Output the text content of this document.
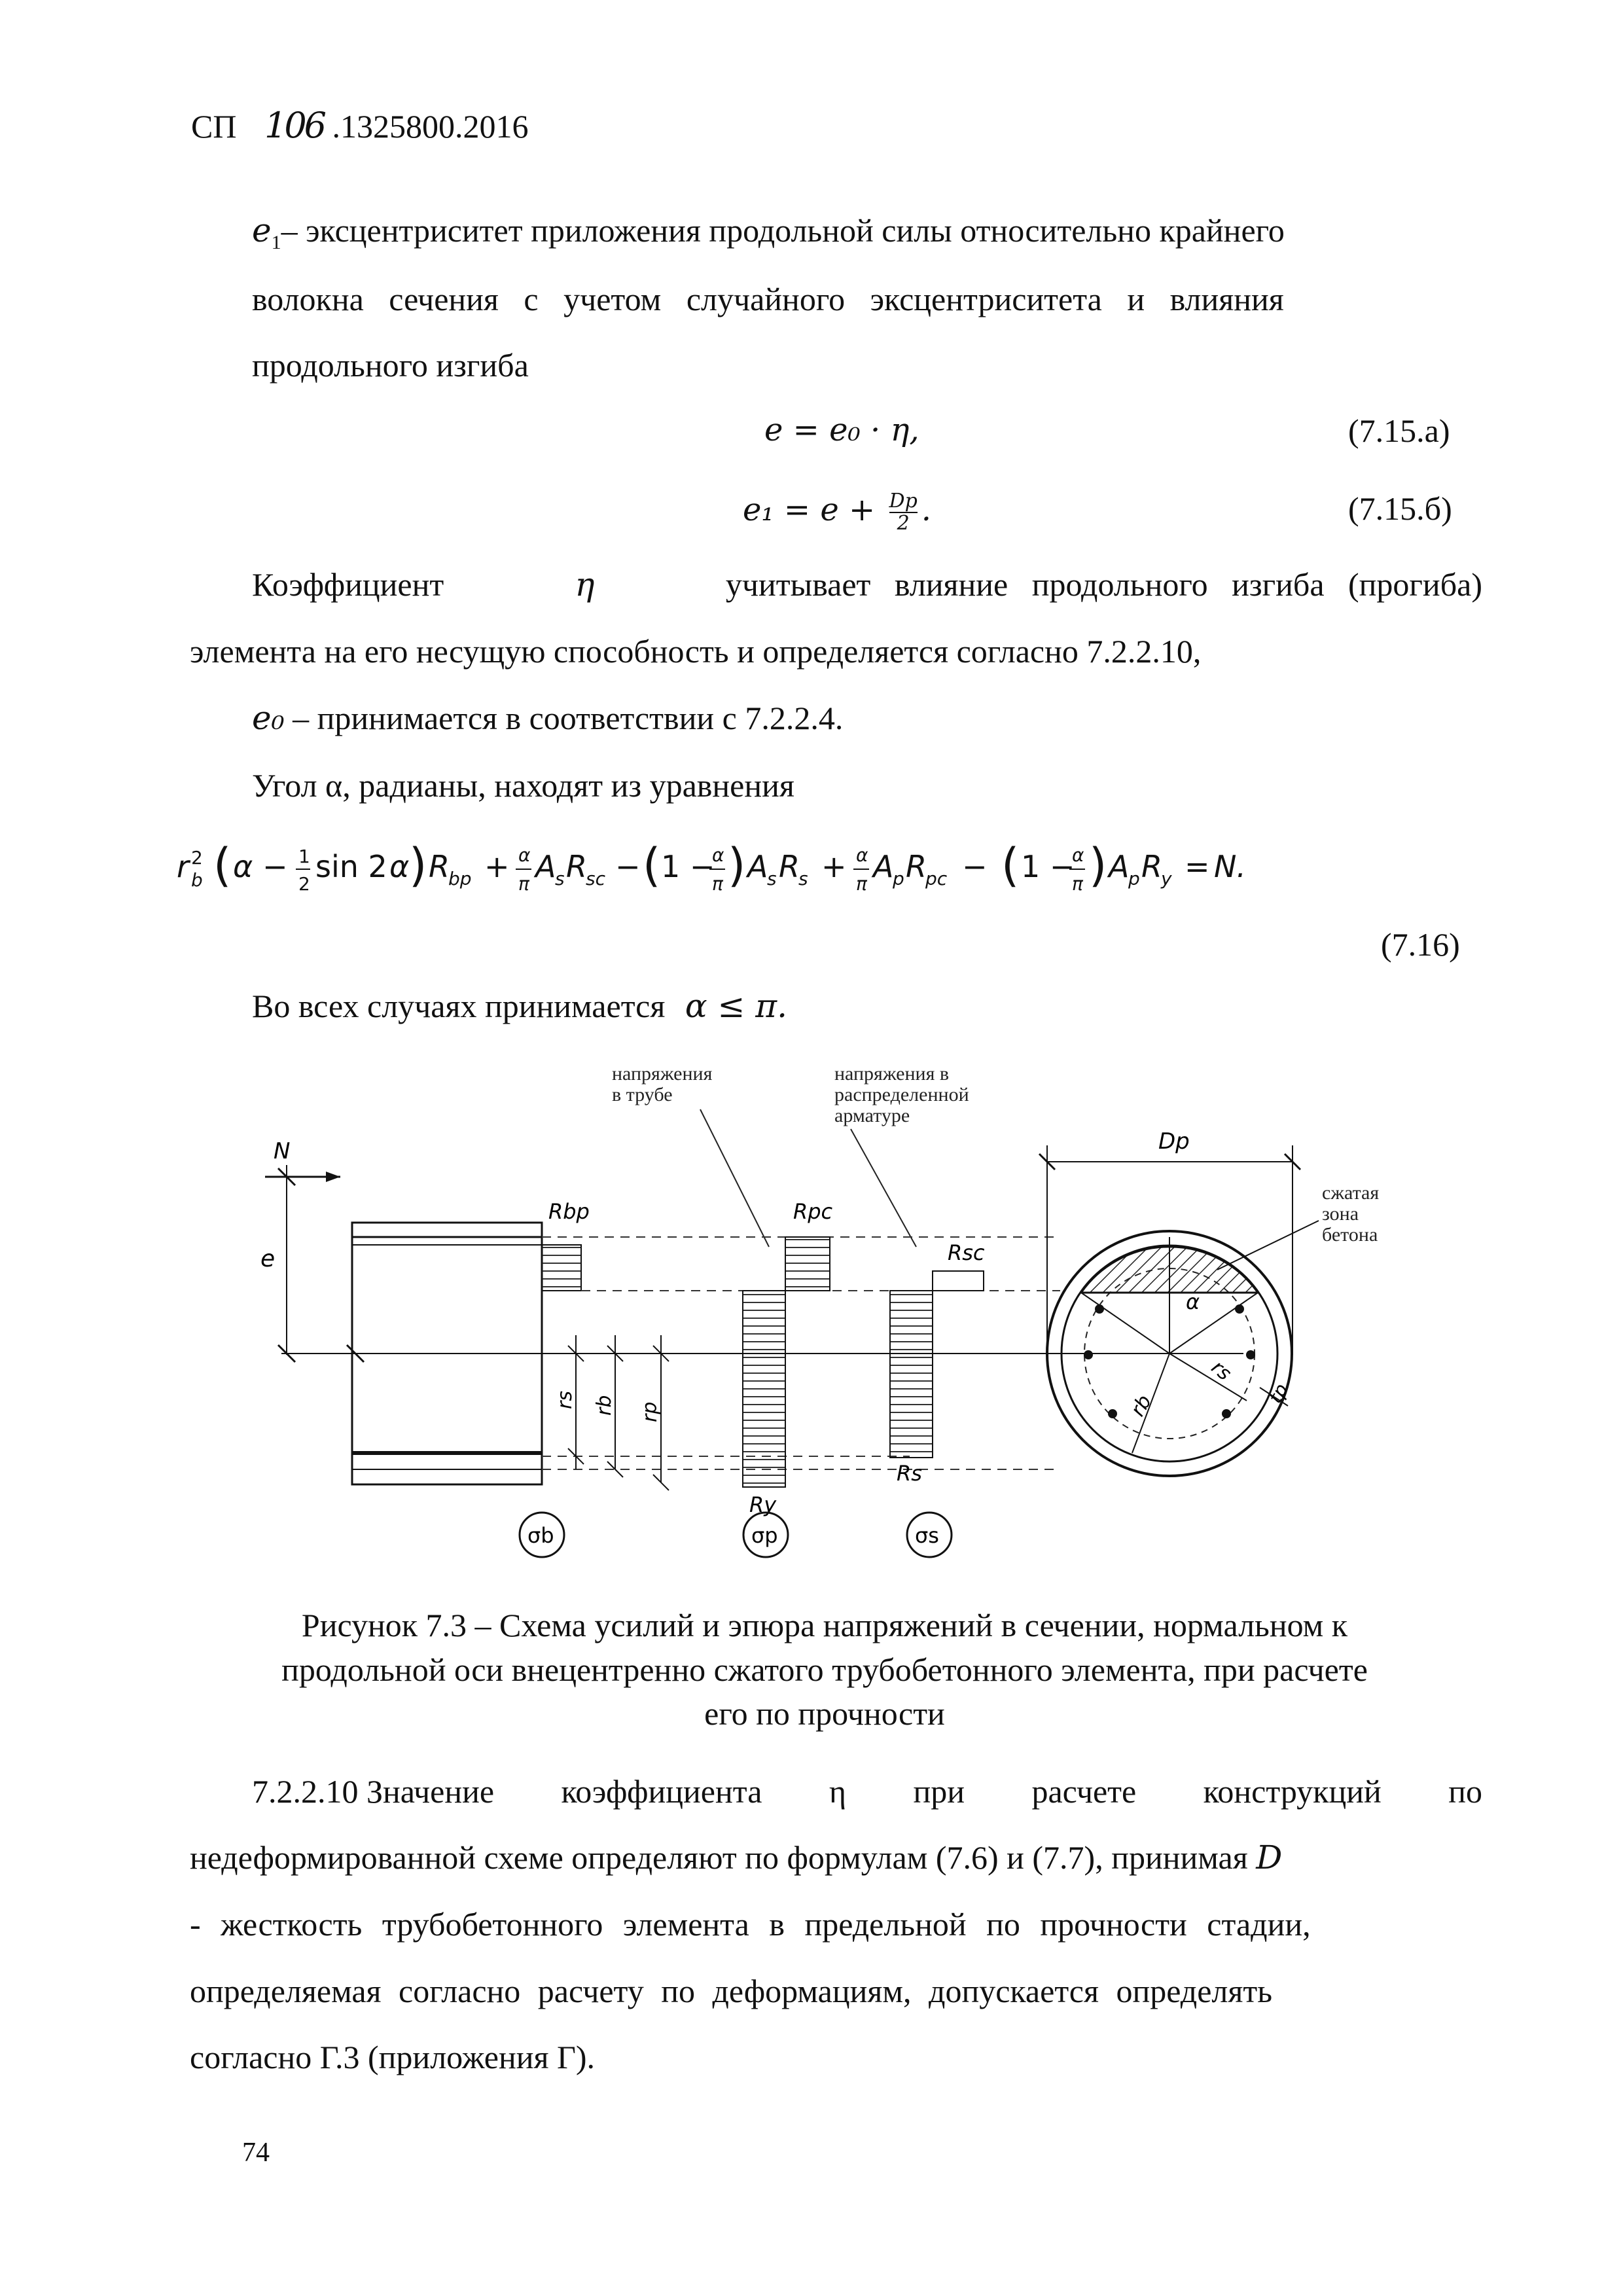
СП 106 .1325800.2016
$e_1-$ эксцентриситет приложения продольной силы относительно крайнего
волокна сечения с учетом случайного эксцентриситета и влияния
продольного изгиба
e = e₀ · η,	(7.15.а)
$e_1 = e + \frac{Dp}{2}$ .	(7.15.б)
Коэффициент	η	учитывает влияние продольного изгиба (прогиба)
элемента на его несущую способность и определяется согласно 7.2.2.10,
e₀ – принимается в соответствии с 7.2.2.4.
Угол α, радианы, находят из уравнения
r 2
b ( α − 1
2 sin 2 α ) R
bp + α
π A
s R
sc − ( 1 −
α
π ) A
s R
s + α
π A
p R
pc − ( 1 −
α
π ) A
p R
y = N.
(7.16)
Во всех случаях принимается α ≤ π.
напряжения
в трубе
напряжения в
распределенной
арматуре
N
e
Rbp
rs rb rp
Rpc
Ry
Rsc
Rs
Dp
α
rb
rs
tp
сжатая
зона
бетона
σb	σp	σs
Рисунок 7.3 – Схема усилий и эпюра напряжений в сечении, нормальном к
продольной оси внецентренно сжатого трубобетонного элемента, при расчете
его по прочности
7.2.2.10 Значение коэффициента η при расчете конструкций по
недеформированной схеме определяют по формулам (7.6) и (7.7), принимая D
- жесткость трубобетонного элемента в предельной по прочности стадии,
определяемая согласно расчету по деформациям, допускается определять
согласно Г.3 (приложения Г).
74
